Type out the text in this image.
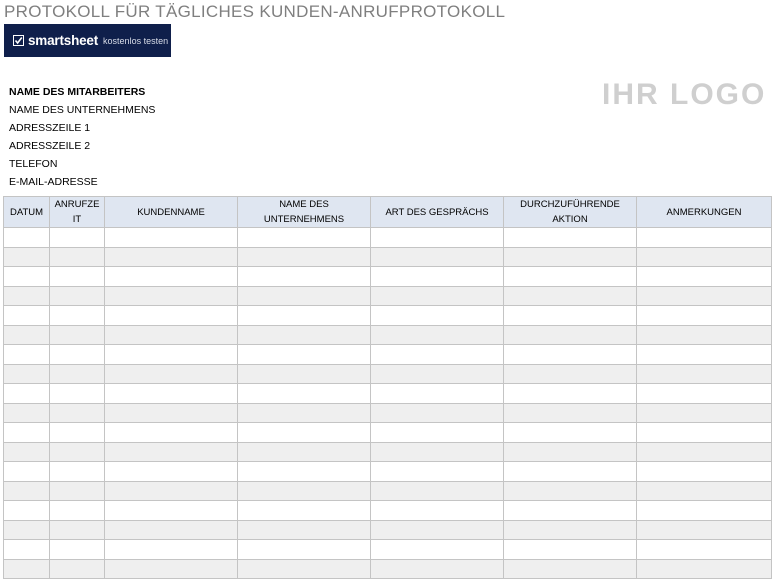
PROTOKOLL FÜR TÄGLICHES KUNDEN-ANRUFPROTOKOLL
smartsheet kostenlos testen
NAME DES MITARBEITERS
NAME DES UNTERNEHMENS
ADRESSZEILE 1
ADRESSZEILE 2
TELEFON
E-MAIL-ADRESSE
IHR LOGO
DATUM	ANRUFZE IT	KUNDENNAME	NAME DES UNTERNEHMENS	ART DES GESPRÄCHS	DURCHZUFÜHRENDE AKTION	ANMERKUNGEN
